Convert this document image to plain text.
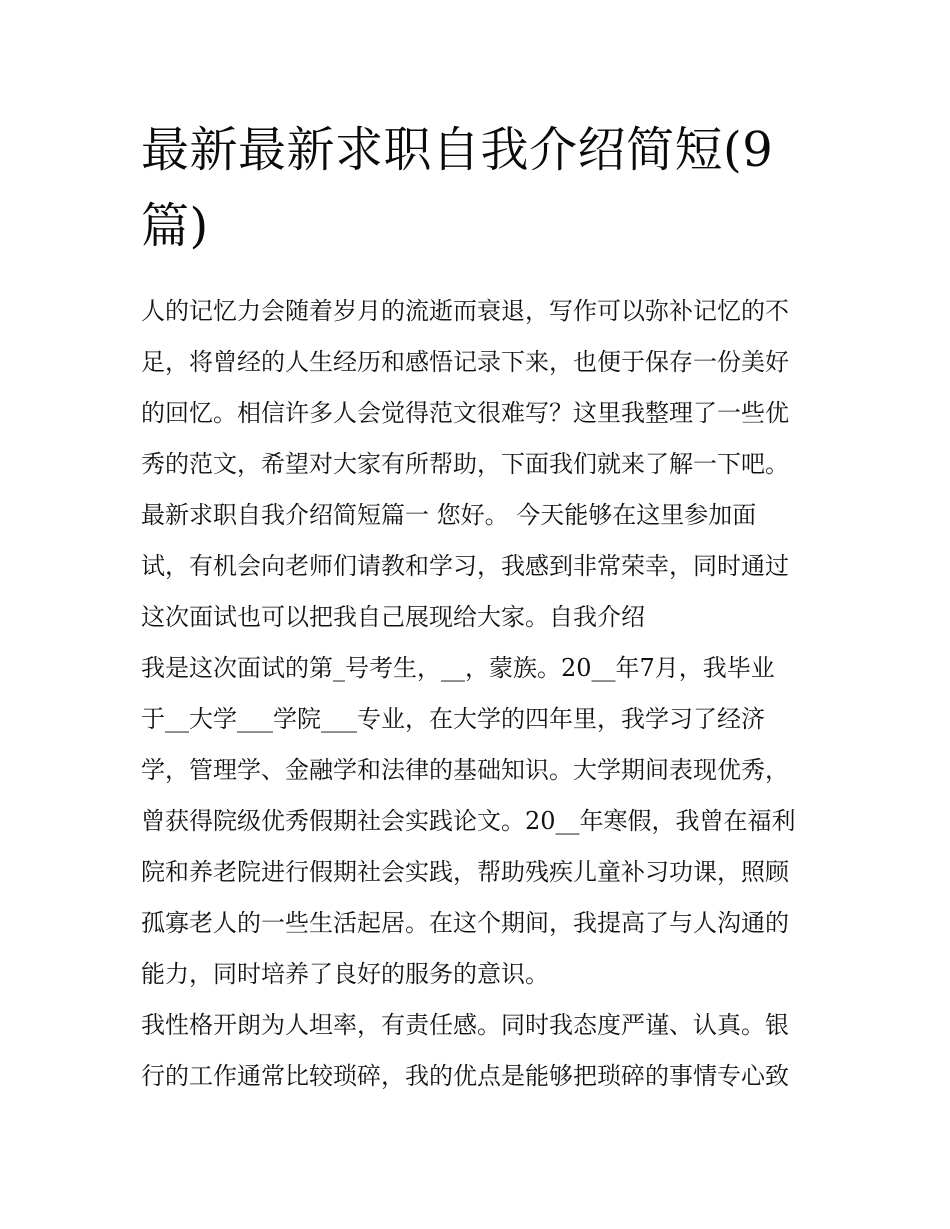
最新最新求职自我介绍简短(9
篇)
人的记忆力会随着岁月的流逝而衰退，写作可以弥补记忆的不
足，将曾经的人生经历和感悟记录下来，也便于保存一份美好
的回忆。相信许多人会觉得范文很难写？这里我整理了一些优
秀的范文，希望对大家有所帮助，下面我们就来了解一下吧。
最新求职自我介绍简短篇一 您好。 今天能够在这里参加面
试，有机会向老师们请教和学习，我感到非常荣幸，同时通过
这次面试也可以把我自己展现给大家。自我介绍
我是这次面试的第_号考生，__，蒙族。20__年7月，我毕业
于__大学___学院___专业，在大学的四年里，我学习了经济
学，管理学、金融学和法律的基础知识。大学期间表现优秀，
曾获得院级优秀假期社会实践论文。20__年寒假，我曾在福利
院和养老院进行假期社会实践，帮助残疾儿童补习功课，照顾
孤寡老人的一些生活起居。在这个期间，我提高了与人沟通的
能力，同时培养了良好的服务的意识。
我性格开朗为人坦率，有责任感。同时我态度严谨、认真。银
行的工作通常比较琐碎，我的优点是能够把琐碎的事情专心致
